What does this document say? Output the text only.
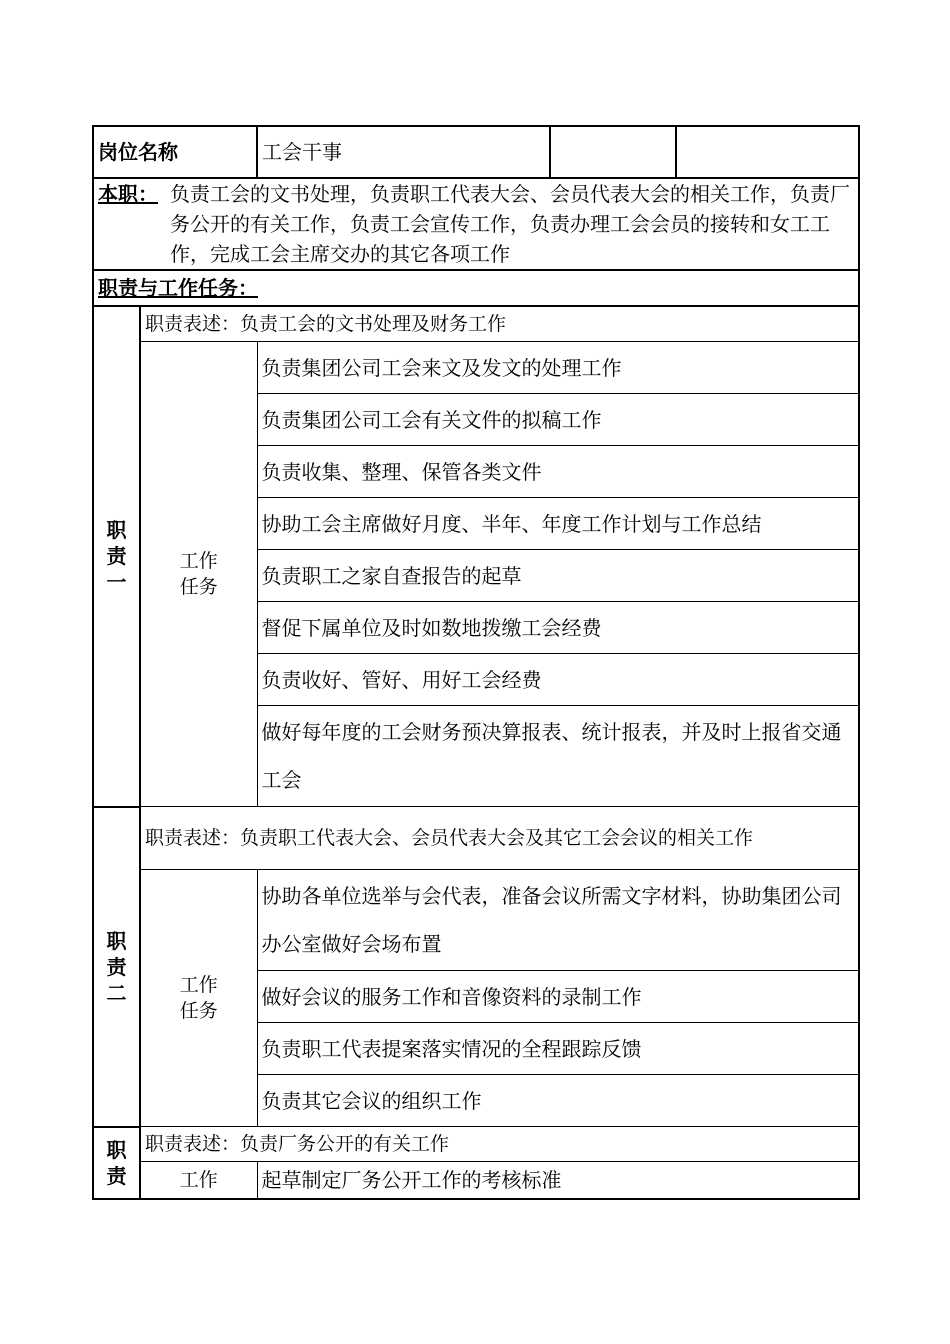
岗位名称		工会干事		

本职： 负责工会的文书处理，负责职工代表大会、会员代表大会的相关工作，负责厂务公开的有关工作，负责工会宣传工作，负责办理工会会员的接转和女工工作，完成工会主席交办的其它各项工作				

职责与工作任务：				
职
责
一	职责表述：负责工会的文书处理及财务工作			
	工作
任务	负责集团公司工会来文及发文的处理工作		
		负责集团公司工会有关文件的拟稿工作		
		负责收集、整理、保管各类文件		
		协助工会主席做好月度、半年、年度工作计划与工作总结		
		负责职工之家自查报告的起草		
		督促下属单位及时如数地拨缴工会经费		
		负责收好、管好、用好工会经费		
		做好每年度的工会财务预决算报表、统计报表，并及时上报省交通工会		
职
责
二	职责表述：负责职工代表大会、会员代表大会及其它工会会议的相关工作			
	工作
任务	协助各单位选举与会代表，准备会议所需文字材料，协助集团公司办公室做好会场布置		
		做好会议的服务工作和音像资料的录制工作		
		负责职工代表提案落实情况的全程跟踪反馈		
		负责其它会议的组织工作		
职
责	职责表述：负责厂务公开的有关工作			
	工作	起草制定厂务公开工作的考核标准		
